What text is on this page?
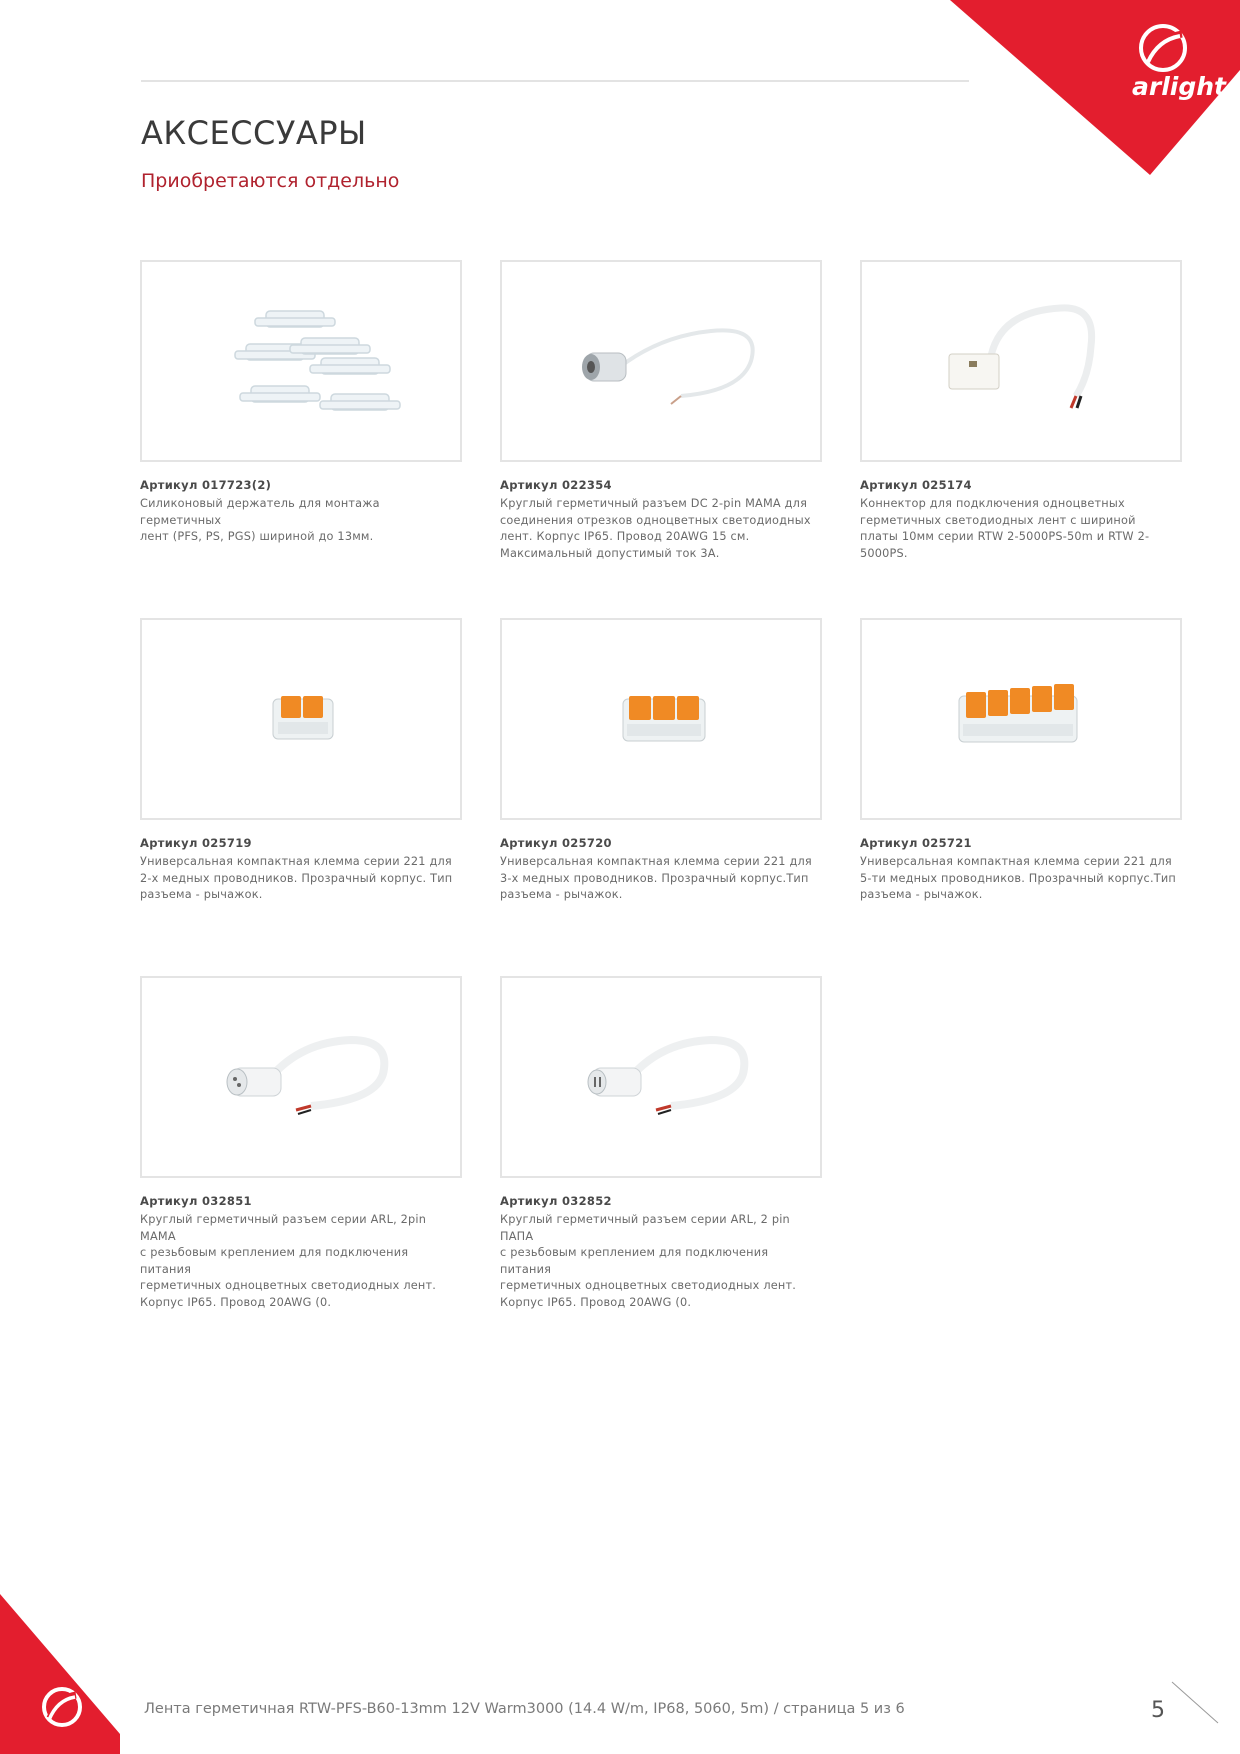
arlight
АКСЕССУАРЫ
Приобретаются отдельно
Артикул 017723(2)
Силиконовый держатель для монтажа герметичных
лент (PFS, PS, PGS) шириной до 13мм.
Артикул 022354
Круглый герметичный разъем DC 2-pin МАМА для
соединения отрезков одноцветных светодиодных
лент. Корпус IP65. Провод 20AWG 15 см.
Максимальный допустимый ток 3А.
Артикул 025174
Коннектор для подключения одноцветных
герметичных светодиодных лент с шириной
платы 10мм серии RTW 2-5000PS-50m и RTW 2-5000PS.
Артикул 025719
Универсальная компактная клемма серии 221 для
2-х медных проводников. Прозрачный корпус. Тип
разъема - рычажок.
Артикул 025720
Универсальная компактная клемма серии 221 для
3-х медных проводников. Прозрачный корпус.Тип
разъема - рычажок.
Артикул 025721
Универсальная компактная клемма серии 221 для
5-ти медных проводников. Прозрачный корпус.Тип
разъема - рычажок.
Артикул 032851
Круглый герметичный разъем серии ARL, 2pin МАМА
с резьбовым креплением для подключения питания
герметичных одноцветных светодиодных лент.
Корпус IP65. Провод 20AWG (0.
Артикул 032852
Круглый герметичный разъем серии ARL, 2 pin ПАПА
с резьбовым креплением для подключения питания
герметичных одноцветных светодиодных лент.
Корпус IP65. Провод 20AWG (0.
Лента герметичная RTW-PFS-B60-13mm 12V Warm3000 (14.4 W/m, IP68, 5060, 5m) / страница 5 из 6	5
